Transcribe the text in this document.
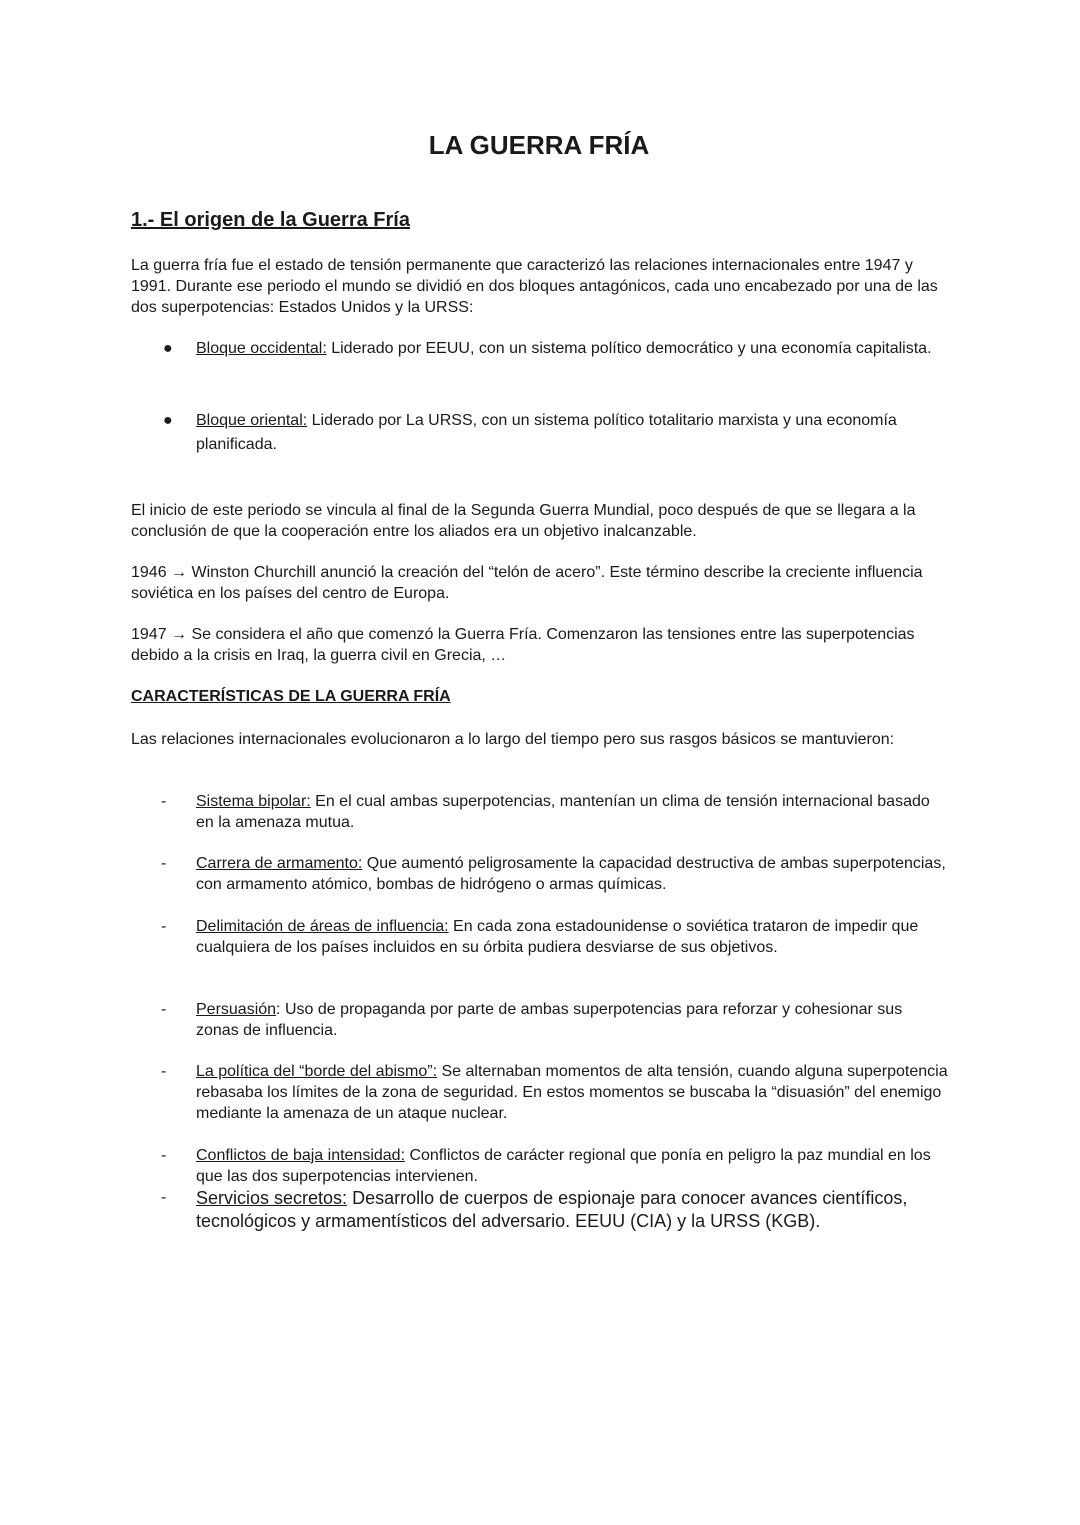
LA GUERRA FRÍA
1.- El origen de la Guerra Fría

La guerra fría fue el estado de tensión permanente que caracterizó las relaciones internacionales entre 1947 y 1991. Durante ese periodo el mundo se dividió en dos bloques antagónicos, cada uno encabezado por una de las dos superpotencias: Estados Unidos y la URSS:

● Bloque occidental: Liderado por EEUU, con un sistema político democrático y una economía capitalista.
● Bloque oriental: Liderado por La URSS, con un sistema político totalitario marxista y una economía planificada.

El inicio de este periodo se vincula al final de la Segunda Guerra Mundial, poco después de que se llegara a la conclusión de que la cooperación entre los aliados era un objetivo inalcanzable.

1946 → Winston Churchill anunció la creación del “telón de acero”. Este término describe la creciente influencia soviética en los países del centro de Europa.

1947 → Se considera el año que comenzó la Guerra Fría. Comenzaron las tensiones entre las superpotencias debido a la crisis en Iraq, la guerra civil en Grecia, …

CARACTERÍSTICAS DE LA GUERRA FRÍA

Las relaciones internacionales evolucionaron a lo largo del tiempo pero sus rasgos básicos se mantuvieron:

- Sistema bipolar: En el cual ambas superpotencias, mantenían un clima de tensión internacional basado en la amenaza mutua.
- Carrera de armamento: Que aumentó peligrosamente la capacidad destructiva de ambas superpotencias, con armamento atómico, bombas de hidrógeno o armas químicas.
- Delimitación de áreas de influencia: En cada zona estadounidense o soviética trataron de impedir que cualquiera de los países incluidos en su órbita pudiera desviarse de sus objetivos.
- Persuasión: Uso de propaganda por parte de ambas superpotencias para reforzar y cohesionar sus zonas de influencia.
- La política del “borde del abismo”: Se alternaban momentos de alta tensión, cuando alguna superpotencia rebasaba los límites de la zona de seguridad. En estos momentos se buscaba la “disuasión” del enemigo mediante la amenaza de un ataque nuclear.
- Conflictos de baja intensidad: Conflictos de carácter regional que ponía en peligro la paz mundial en los que las dos superpotencias intervienen.
- Servicios secretos: Desarrollo de cuerpos de espionaje para conocer avances científicos, tecnológicos y armamentísticos del adversario. EEUU (CIA) y la URSS (KGB).
